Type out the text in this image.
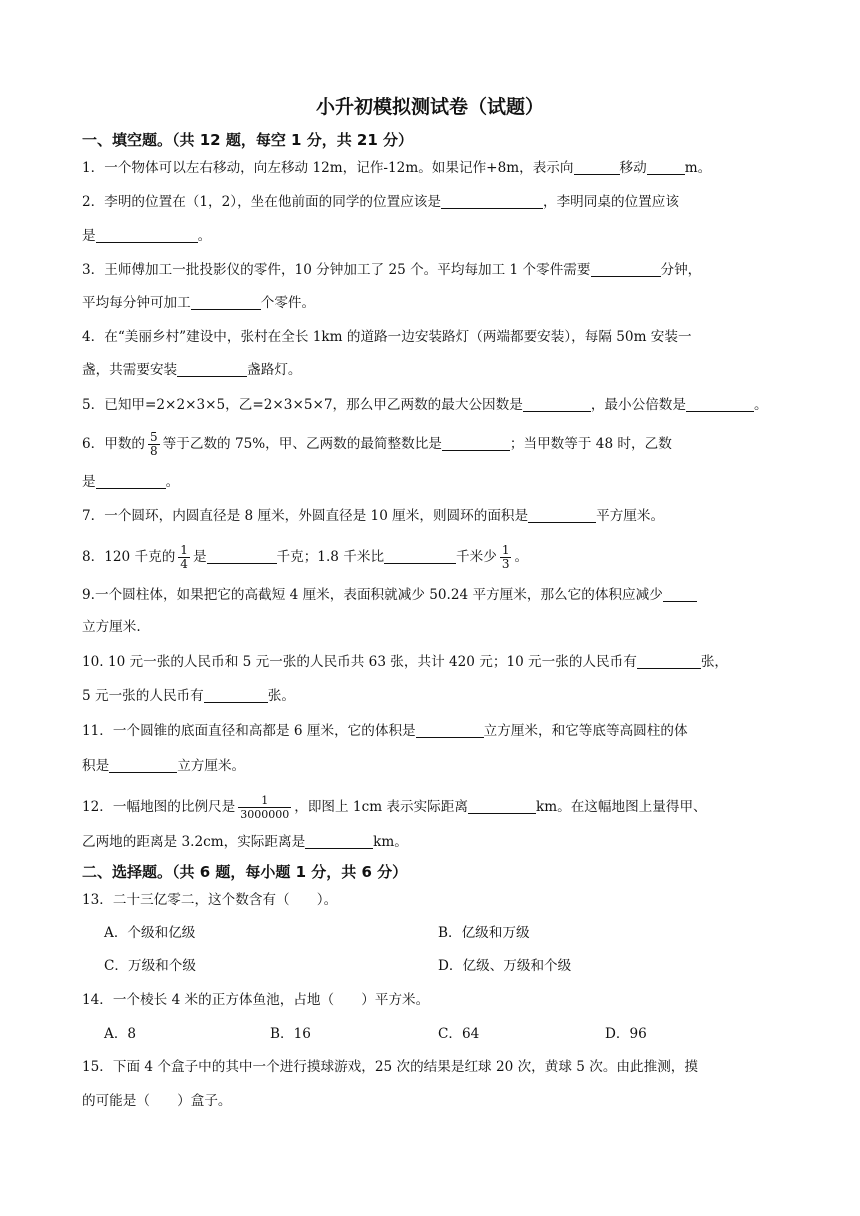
小升初模拟测试卷（试题）
一、填空题。（共 12 题，每空 1 分，共 21 分）
1．一个物体可以左右移动，向左移动 12m，记作-12m。如果记作+8m，表示向	移动	m。
2．李明的位置在（1，2），坐在他前面的同学的位置应该是	，李明同桌的位置应该
是	。
3．王师傅加工一批投影仪的零件，10 分钟加工了 25 个。平均每加工 1 个零件需要	分钟，
平均每分钟可加工	个零件。
4．在“美丽乡村”建设中，张村在全长 1km 的道路一边安装路灯（两端都要安装），每隔 50m 安装一
盏，共需要安装	盏路灯。
5．已知甲=2×2×3×5，乙=2×3×5×7，那么甲乙两数的最大公因数是	，最小公倍数是	。
6．甲数的 $\frac{5}{8}$ 等于乙数的 75%，甲、乙两数的最简整数比是	；当甲数等于 48 时，乙数
是	。
7．一个圆环，内圆直径是 8 厘米，外圆直径是 10 厘米，则圆环的面积是	平方厘米。
8．120 千克的 $\frac{1}{4}$ 是	千克；1.8 千米比	千米少 $\frac{1}{3}$ 。
9.一个圆柱体，如果把它的高截短 4 厘米，表面积就减少 50.24 平方厘米，那么它的体积应减少
立方厘米.
10. 10 元一张的人民币和 5 元一张的人民币共 63 张，共计 420 元；10 元一张的人民币有	张，
5 元一张的人民币有	张。
11．一个圆锥的底面直径和高都是 6 厘米，它的体积是	立方厘米，和它等底等高圆柱的体
积是	立方厘米。
12．一幅地图的比例尺是 $\frac{1}{3000000}$ ，即图上 1cm 表示实际距离	km。在这幅地图上量得甲、
乙两地的距离是 3.2cm，实际距离是	km。
二、选择题。（共 6 题，每小题 1 分，共 6 分）
13．二十三亿零二，这个数含有（　　）。
A．个级和亿级	B．亿级和万级
C．万级和个级	D．亿级、万级和个级
14．一个棱长 4 米的正方体鱼池，占地（　　）平方米。
A．8	B．16	C．64	D．96
15．下面 4 个盒子中的其中一个进行摸球游戏，25 次的结果是红球 20 次，黄球 5 次。由此推测，摸
的可能是（　　）盒子。
